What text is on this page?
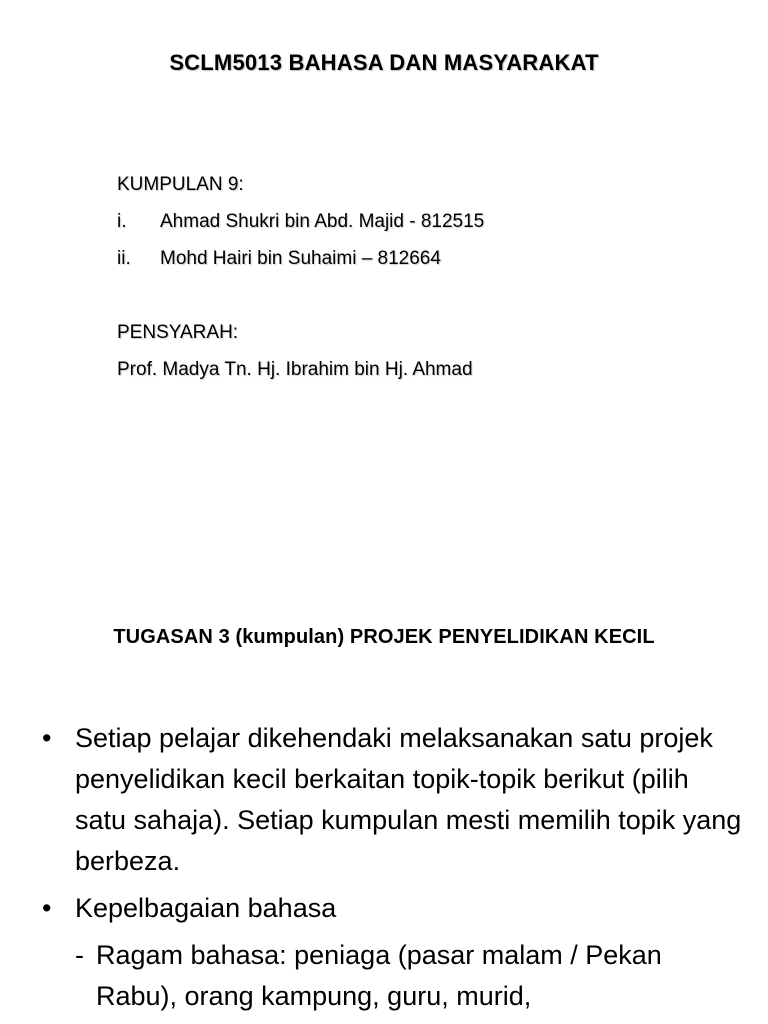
SCLM5013 BAHASA DAN MASYARAKAT
KUMPULAN 9:
i.	Ahmad Shukri bin Abd. Majid - 812515
ii.	Mohd Hairi bin Suhaimi – 812664
PENSYARAH:
Prof. Madya Tn. Hj. Ibrahim bin Hj. Ahmad
TUGASAN 3 (kumpulan) PROJEK PENYELIDIKAN KECIL
• Setiap pelajar dikehendaki melaksanakan satu projek penyelidikan kecil berkaitan topik-topik berikut (pilih satu sahaja). Setiap kumpulan mesti memilih topik yang berbeza.
• Kepelbagaian bahasa
- Ragam bahasa: peniaga (pasar malam / Pekan Rabu), orang kampung, guru, murid,
